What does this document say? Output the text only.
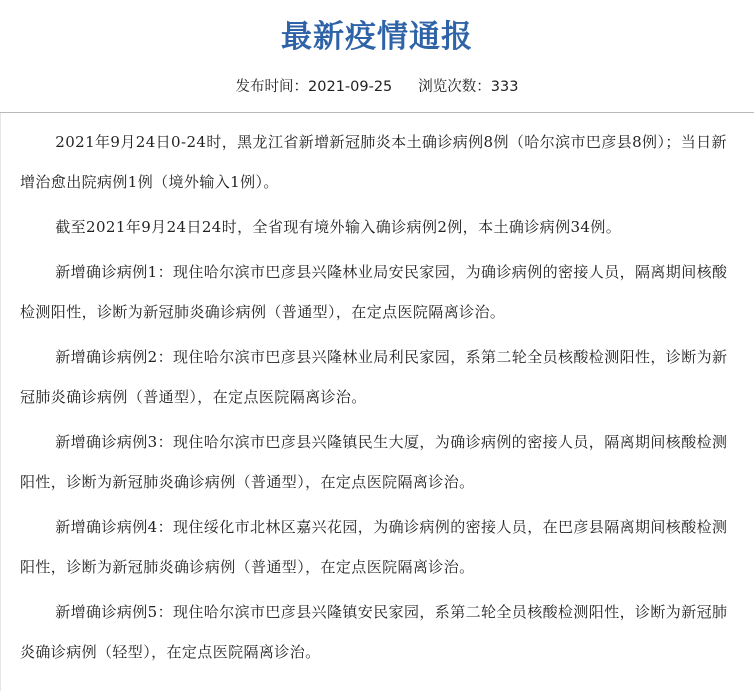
最新疫情通报
发布时间：2021-09-25 浏览次数：333

2021年9月24日0-24时，黑龙江省新增新冠肺炎本土确诊病例8例（哈尔滨市巴彦县8例）；当日新增治愈出院病例1例（境外输入1例）。

截至2021年9月24日24时，全省现有境外输入确诊病例2例，本土确诊病例34例。

新增确诊病例1：现住哈尔滨市巴彦县兴隆林业局安民家园，为确诊病例的密接人员，隔离期间核酸检测阳性，诊断为新冠肺炎确诊病例（普通型），在定点医院隔离诊治。

新增确诊病例2：现住哈尔滨市巴彦县兴隆林业局利民家园，系第二轮全员核酸检测阳性，诊断为新冠肺炎确诊病例（普通型），在定点医院隔离诊治。

新增确诊病例3：现住哈尔滨市巴彦县兴隆镇民生大厦，为确诊病例的密接人员，隔离期间核酸检测阳性，诊断为新冠肺炎确诊病例（普通型），在定点医院隔离诊治。

新增确诊病例4：现住绥化市北林区嘉兴花园，为确诊病例的密接人员，在巴彦县隔离期间核酸检测阳性，诊断为新冠肺炎确诊病例（普通型），在定点医院隔离诊治。

新增确诊病例5：现住哈尔滨市巴彦县兴隆镇安民家园，系第二轮全员核酸检测阳性，诊断为新冠肺炎确诊病例（轻型），在定点医院隔离诊治。
